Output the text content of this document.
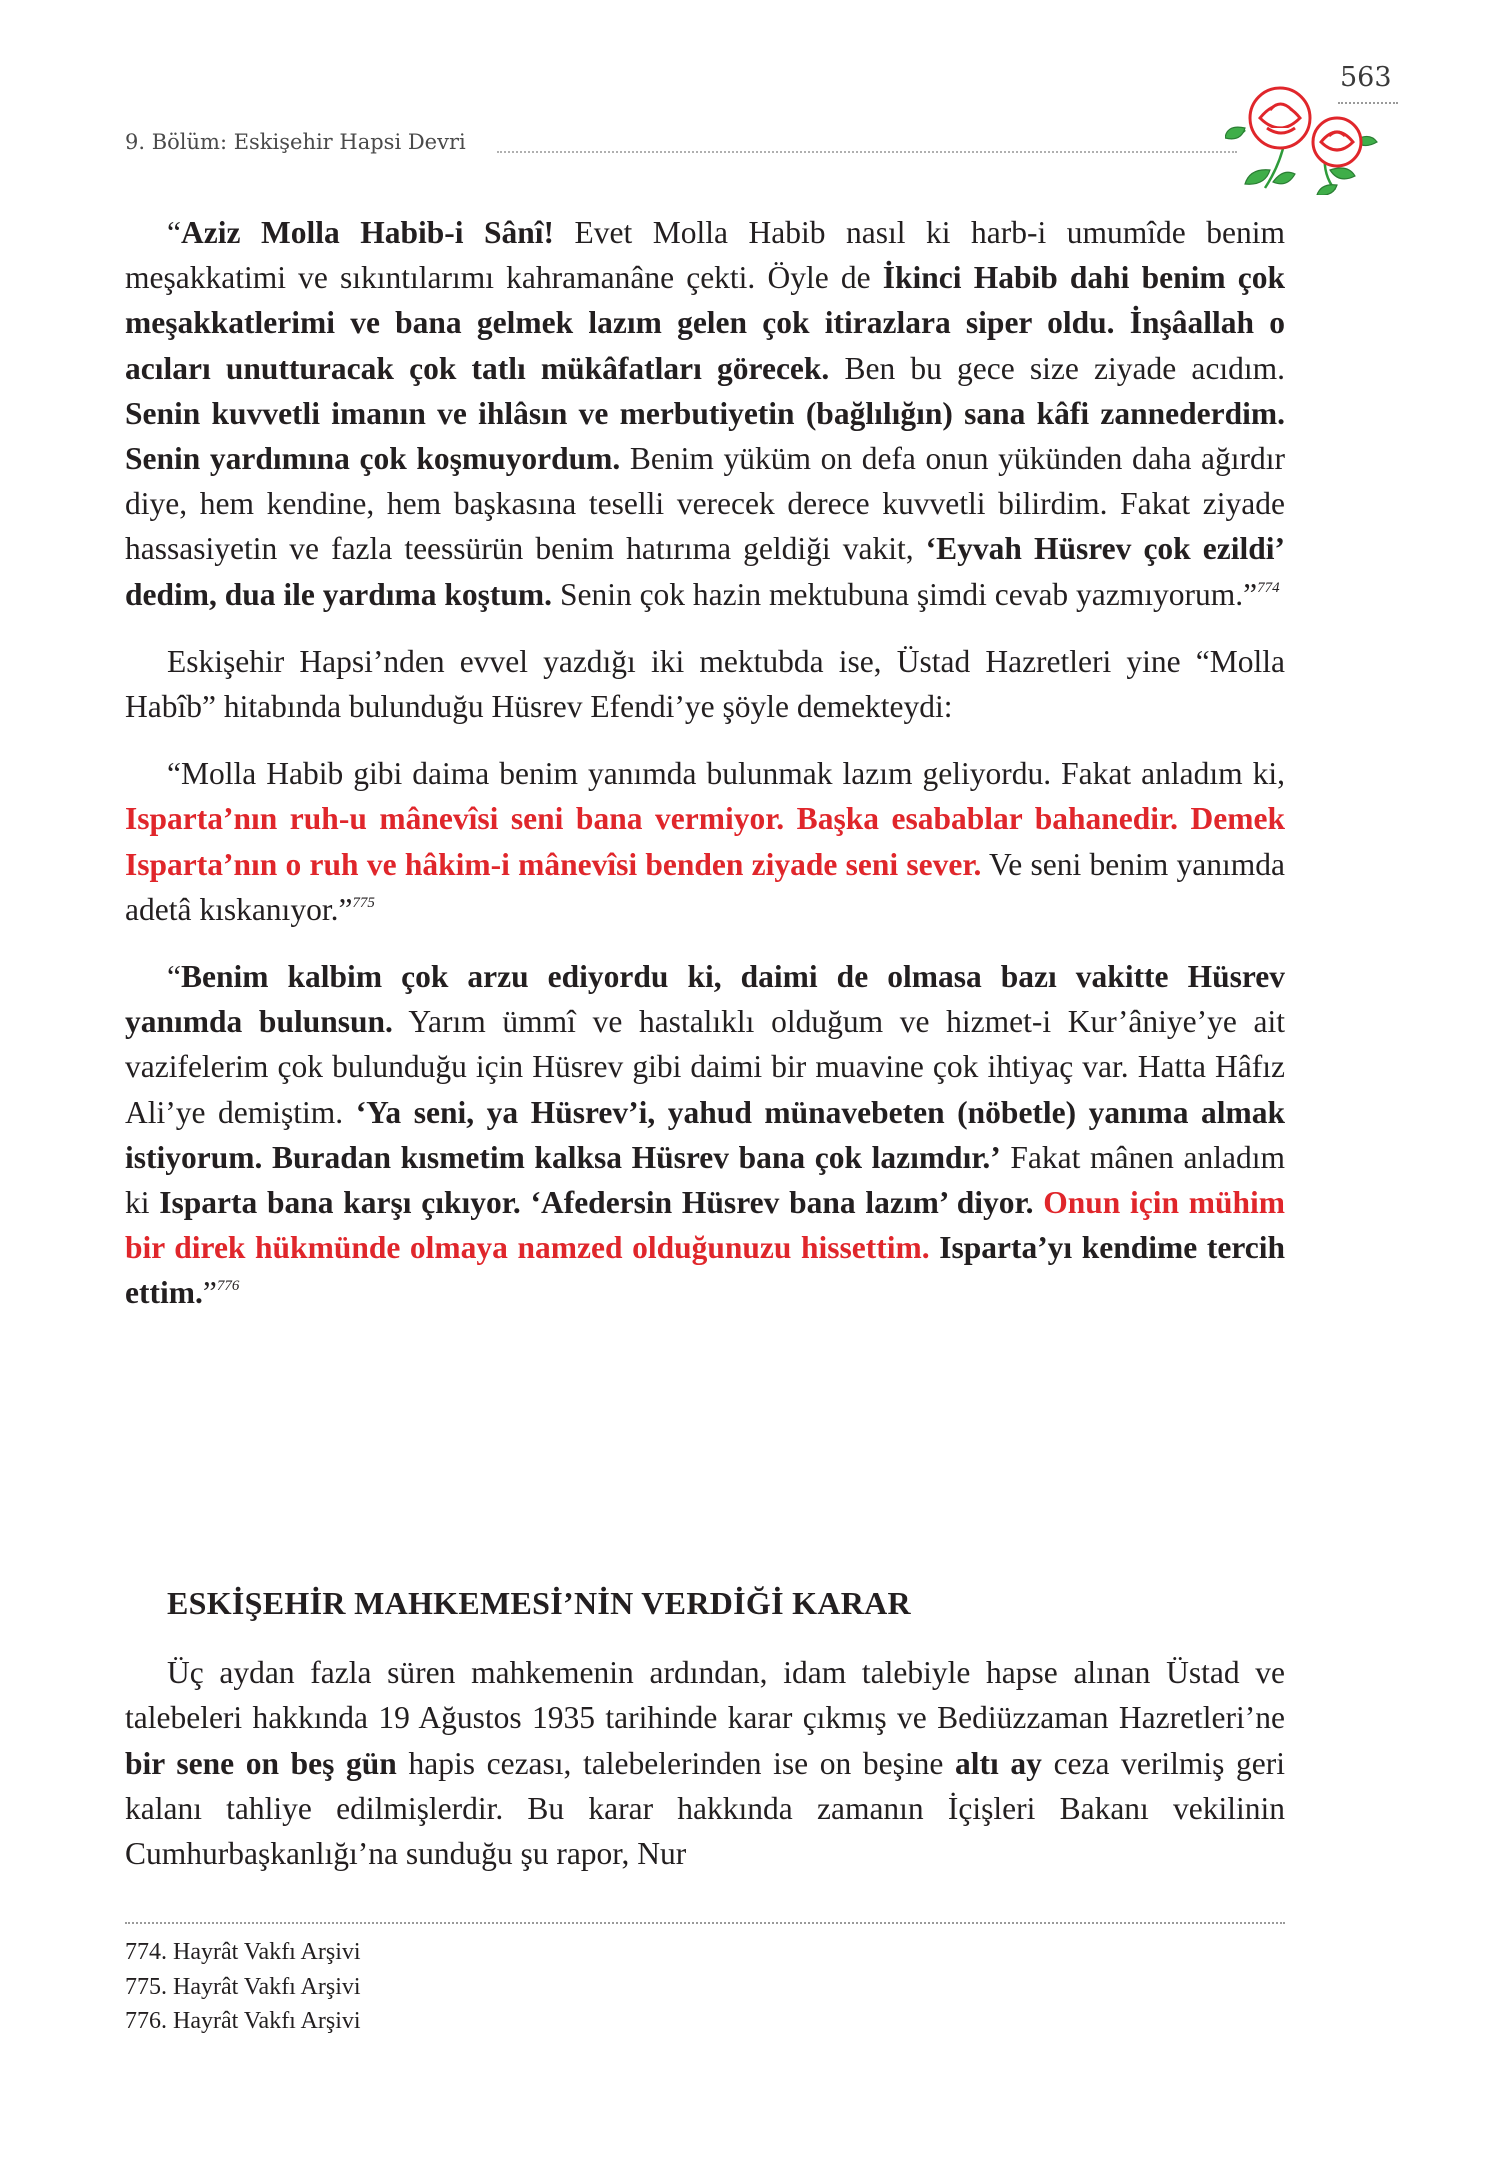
563
9. Bölüm: Eskişehir Hapsi Devri

“Aziz Molla Habib-i Sânî! Evet Molla Habib nasıl ki harb-i umumîde benim meşakkatimi ve sıkıntılarımı kahramanâne çekti. Öyle de İkinci Habib dahi benim çok meşakkatlerimi ve bana gelmek lazım gelen çok itirazlara siper oldu. İnşâallah o acıları unutturacak çok tatlı mükâfatları görecek. Ben bu gece size ziyade acıdım. Senin kuvvetli imanın ve ihlâsın ve merbutiyetin (bağlılığın) sana kâfi zannederdim. Senin yardımına çok koşmuyordum. Benim yüküm on defa onun yükünden daha ağırdır diye, hem kendine, hem başkasına teselli verecek derece kuvvetli bilirdim. Fakat ziyade hassasiyetin ve fazla teessürün benim hatırıma geldiği vakit, ‘Eyvah Hüsrev çok ezildi’ dedim, dua ile yardıma koştum. Senin çok hazin mektubuna şimdi cevab yazmıyorum.”$^{774}$

Eskişehir Hapsi’nden evvel yazdığı iki mektubda ise, Üstad Hazretleri yine “Molla Habîb” hitabında bulunduğu Hüsrev Efendi’ye şöyle demekteydi:

“Molla Habib gibi daima benim yanımda bulunmak lazım geliyordu. Fakat anladım ki, Isparta’nın ruh-u mânevîsi seni bana vermiyor. Başka esabablar bahanedir. Demek Isparta’nın o ruh ve hâkim-i mânevîsi benden ziyade seni sever. Ve seni benim yanımda adetâ kıskanıyor.”$^{775}$

“Benim kalbim çok arzu ediyordu ki, daimi de olmasa bazı vakitte Hüsrev yanımda bulunsun. Yarım ümmî ve hastalıklı olduğum ve hizmet-i Kur’âniye’ye ait vazifelerim çok bulunduğu için Hüsrev gibi daimi bir muavine çok ihtiyaç var. Hatta Hâfız Ali’ye demiştim. ‘Ya seni, ya Hüsrev’i, yahud münavebeten (nöbetle) yanıma almak istiyorum. Buradan kısmetim kalksa Hüsrev bana çok lazımdır.’ Fakat mânen anladım ki Isparta bana karşı çıkıyor. ‘Afedersin Hüsrev bana lazım’ diyor. Onun için mühim bir direk hükmünde olmaya namzed olduğunuzu hissettim. Isparta’yı kendime tercih ettim.”$^{776}$

ESKİŞEHİR MAHKEMESİ’NİN VERDİĞİ KARAR

Üç aydan fazla süren mahkemenin ardından, idam talebiyle hapse alınan Üstad ve talebeleri hakkında 19 Ağustos 1935 tarihinde karar çıkmış ve Bediüzzaman Hazretleri’ne bir sene on beş gün hapis cezası, talebelerinden ise on beşine altı ay ceza verilmiş geri kalanı tahliye edilmişlerdir. Bu karar hakkında zamanın İçişleri Bakanı vekilinin Cumhurbaşkanlığı’na sunduğu şu rapor, Nur

774. Hayrât Vakfı Arşivi
775. Hayrât Vakfı Arşivi
776. Hayrât Vakfı Arşivi
